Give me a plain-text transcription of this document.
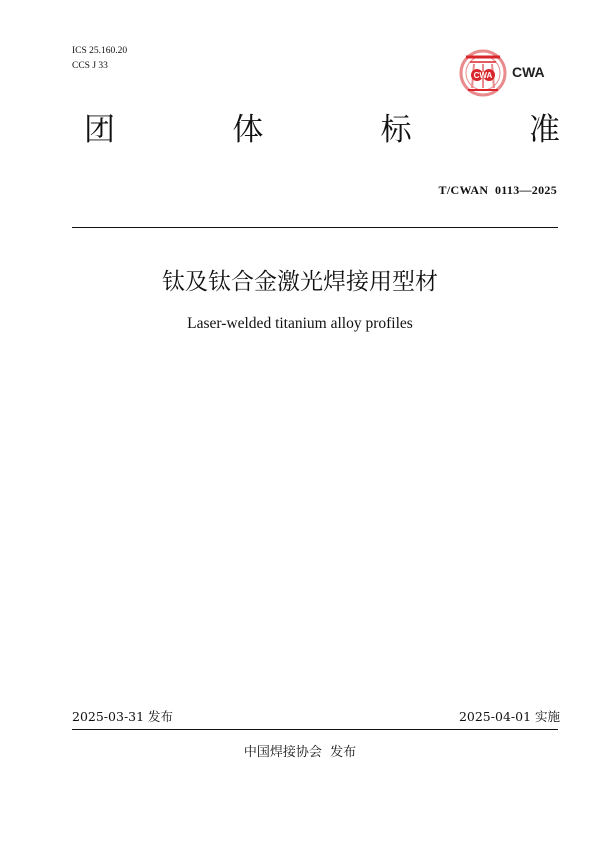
ICS 25.160.20
CCS J 33
CWA CWA
团	体	标	准
T/CWAN  0113—2025
钛及钛合金激光焊接用型材
Laser-welded titanium alloy profiles
2025-03-31 发布	2025-04-01 实施
中国焊接协会  发布
